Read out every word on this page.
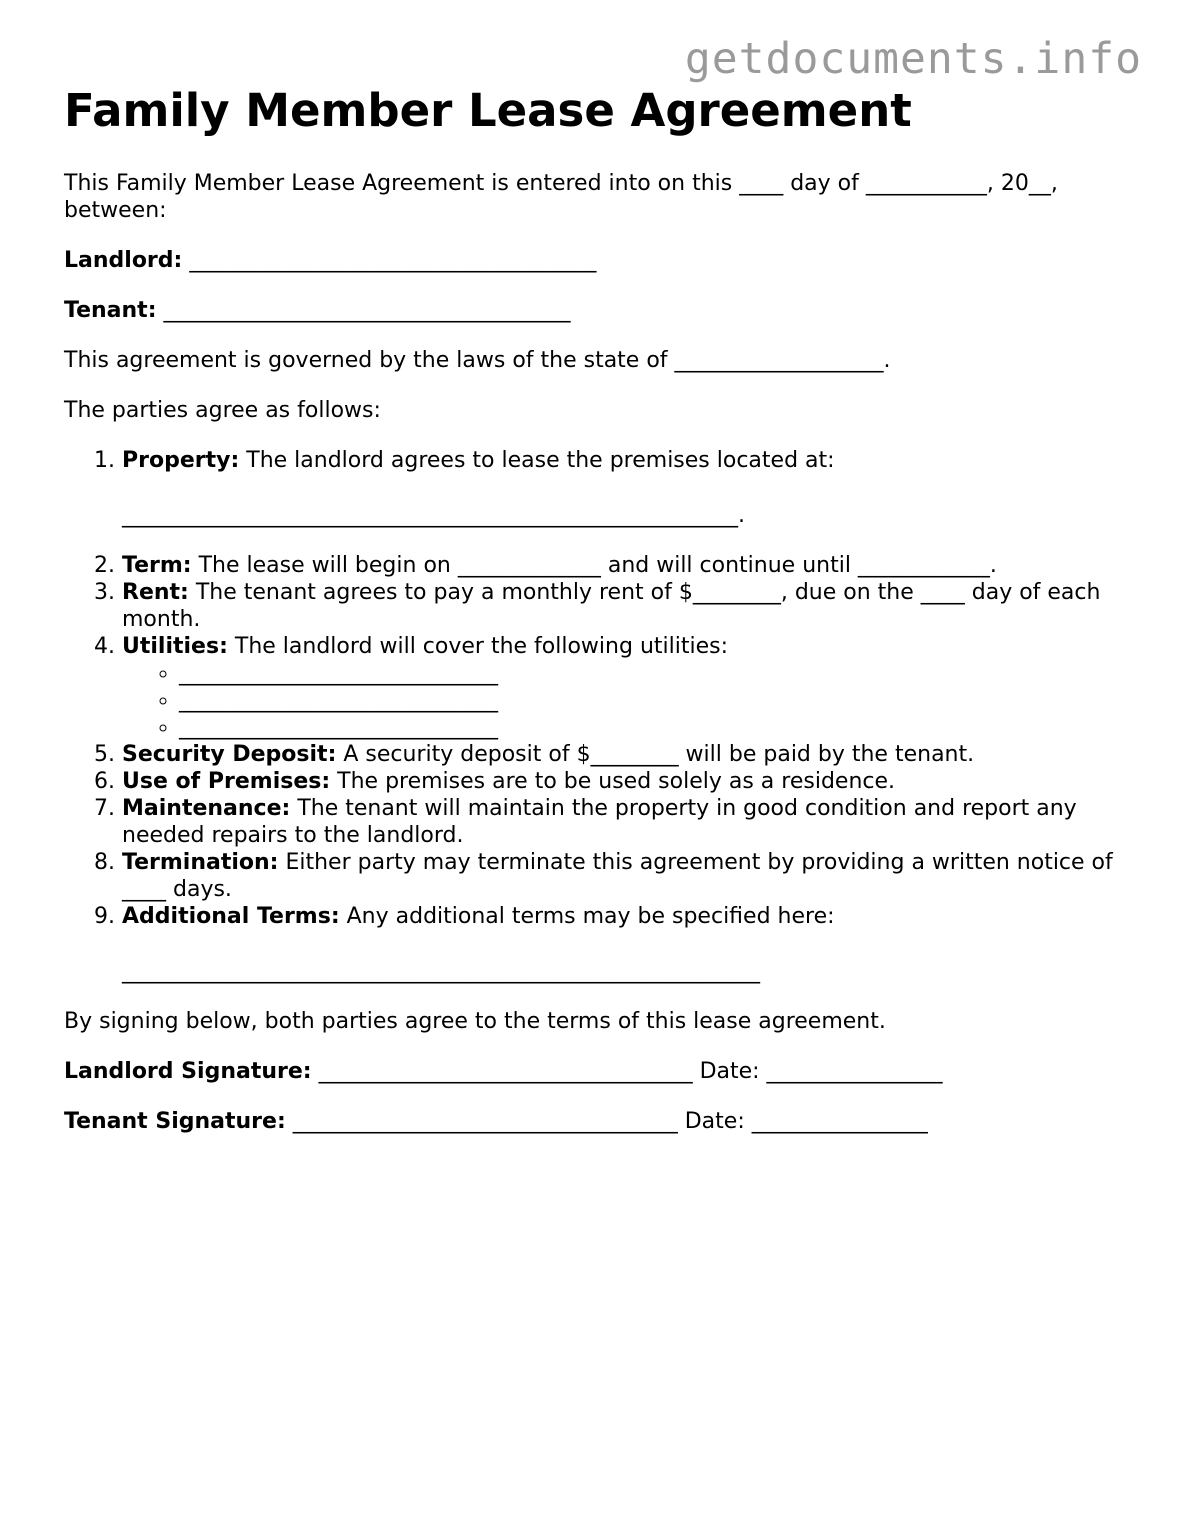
getdocuments.info
Family Member Lease Agreement

This Family Member Lease Agreement is entered into on this ____ day of ___________, 20__, between:

Landlord: _____________________________________

Tenant: _____________________________________

This agreement is governed by the laws of the state of ___________________.

The parties agree as follows:

1. Property: The landlord agrees to lease the premises located at:
________________________________________________________.
2. Term: The lease will begin on _____________ and will continue until ____________.
3. Rent: The tenant agrees to pay a monthly rent of $________, due on the ____ day of each month.
4. Utilities: The landlord will cover the following utilities:
◦ _____________________________
◦ _____________________________
◦ _____________________________
5. Security Deposit: A security deposit of $________ will be paid by the tenant.
6. Use of Premises: The premises are to be used solely as a residence.
7. Maintenance: The tenant will maintain the property in good condition and report any needed repairs to the landlord.
8. Termination: Either party may terminate this agreement by providing a written notice of ____ days.
9. Additional Terms: Any additional terms may be specified here:
__________________________________________________________

By signing below, both parties agree to the terms of this lease agreement.

Landlord Signature: __________________________________ Date: ________________

Tenant Signature: ___________________________________ Date: ________________
